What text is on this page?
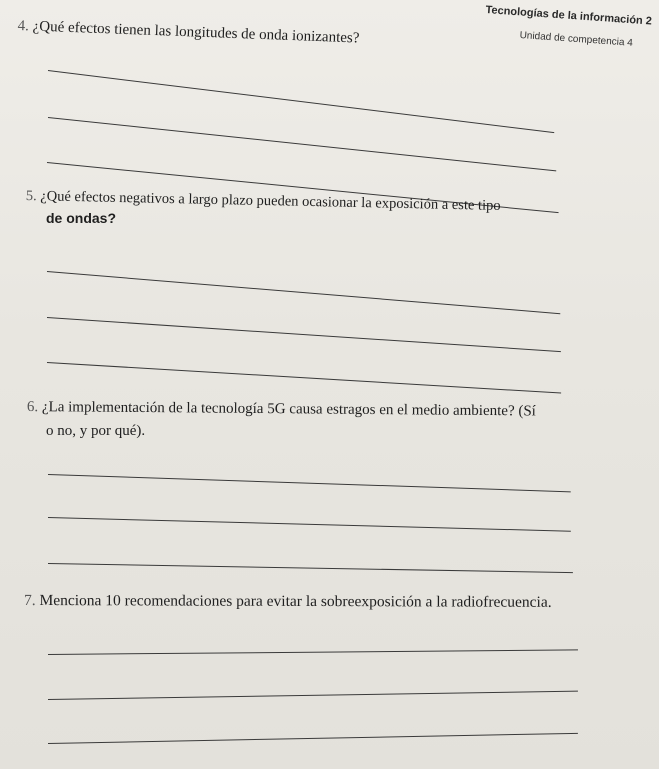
Tecnologías de la información 2
Unidad de competencia 4
4. ¿Qué efectos tienen las longitudes de onda ionizantes?
5. ¿Qué efectos negativos a largo plazo pueden ocasionar la exposición a este tipo
de ondas?
6. ¿La implementación de la tecnología 5G causa estragos en el medio ambiente? (Sí
o no, y por qué).
7. Menciona 10 recomendaciones para evitar la sobreexposición a la radiofrecuencia.
